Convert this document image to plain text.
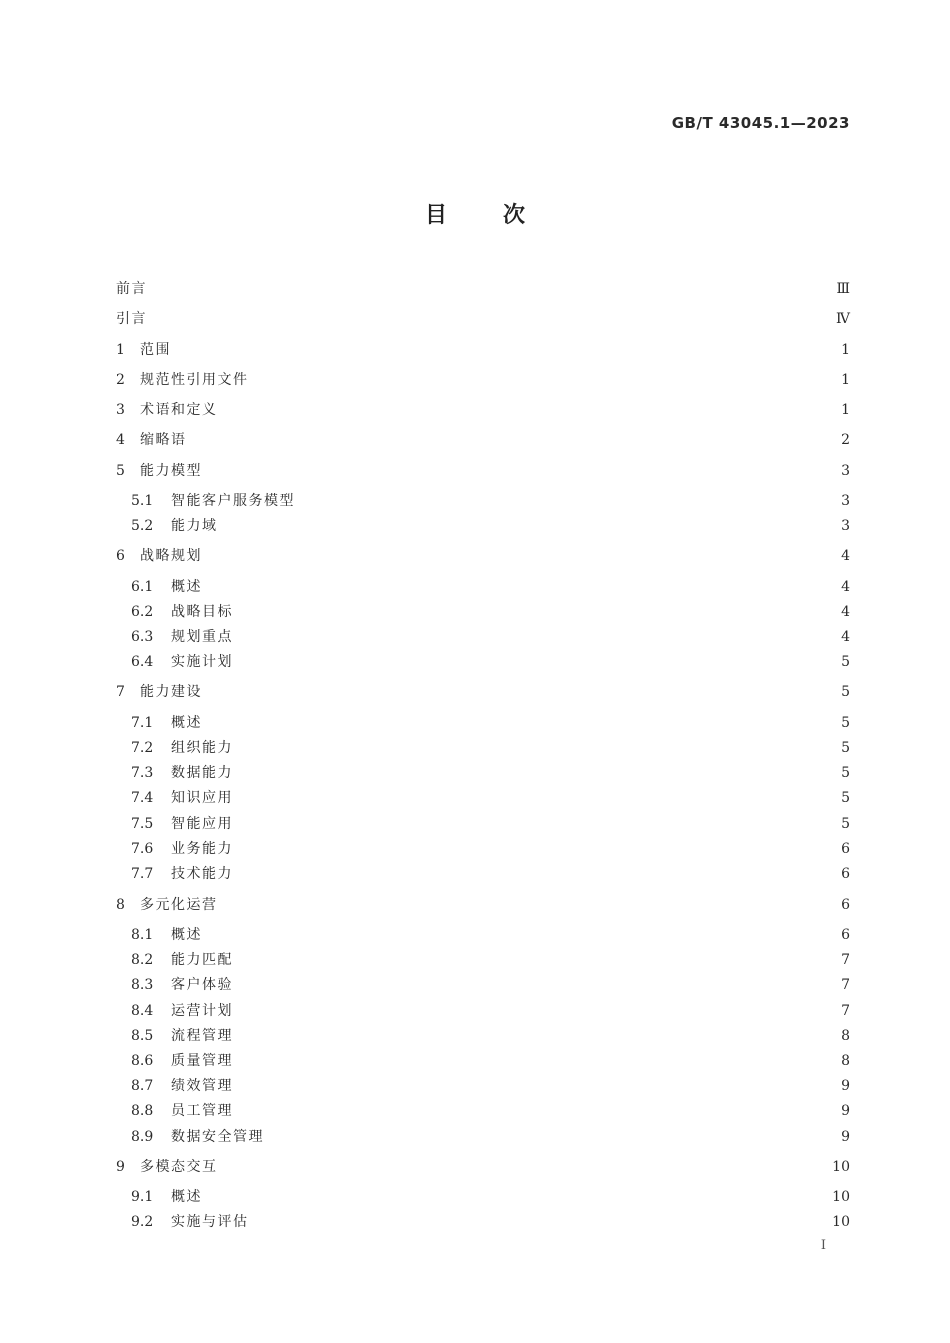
GB/T 43045.1—2023
目次
前言	Ⅲ
引言	Ⅳ
1	范围	1
2	规范性引用文件	1
3	术语和定义	1
4	缩略语	2
5	能力模型	3
5.1	智能客户服务模型	3
5.2	能力域	3
6	战略规划	4
6.1	概述	4
6.2	战略目标	4
6.3	规划重点	4
6.4	实施计划	5
7	能力建设	5
7.1	概述	5
7.2	组织能力	5
7.3	数据能力	5
7.4	知识应用	5
7.5	智能应用	5
7.6	业务能力	6
7.7	技术能力	6
8	多元化运营	6
8.1	概述	6
8.2	能力匹配	7
8.3	客户体验	7
8.4	运营计划	7
8.5	流程管理	8
8.6	质量管理	8
8.7	绩效管理	9
8.8	员工管理	9
8.9	数据安全管理	9
9	多模态交互	10
9.1	概述	10
9.2	实施与评估	10
I
